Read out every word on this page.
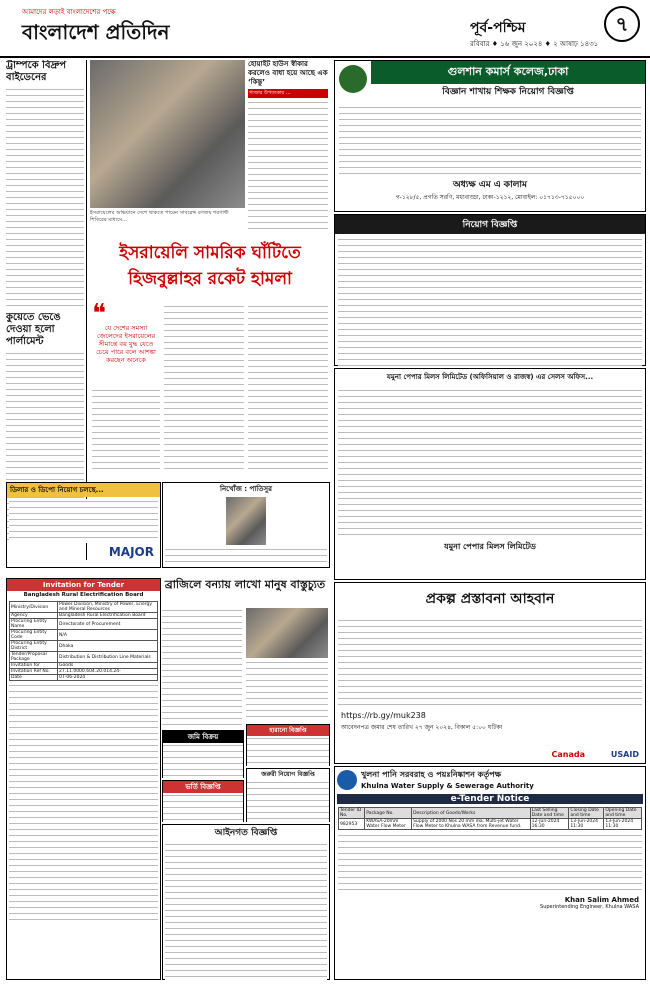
আমাদের লড়াই বাংলাদেশের পক্ষে
বাংলাদেশ প্রতিদিন	পূর্ব-পশ্চিম	৭
রবিবার ♦ ১৬ জুন ২০২৪ ♦ ২ আষাঢ় ১৪৩১
ট্রাম্পকে বিদ্রুপ বাইডেনের
কুয়েতে ভেঙে দেওয়া হলো পার্লামেন্ট
হোয়াইট হাউস স্বীকার করলেও বাধা হয়ে আছে এক ‘কিন্তু’
গাজার উপত্যকার ...
ইসরায়েলের অভিযানে দেশে থাকতে পারেন সাবরেদ্দ রণজয় শরণার্থী শিবিরের মাধ্যমে...
ইসরায়েলি সামরিক ঘাঁটিতে হিজবুল্লাহর রকেট হামলা
❝
যে দেশের সমস্যা জেলেদের ইসরায়েলের সীমান্তে বয় যুদ্ধ যেতে চেয়ে পারে বলে আশঙ্কা করছেন অনেকে
ডিলার ও ডিপো নিয়োগ চলছে...
MAJOR
নিখোঁজ : পাতিসুর
ব্রাজিলে বন্যায় লাখো মানুষ বাস্তুচ্যুত
Invitation for Tender
Bangladesh Rural Electrification Board
Ministry/Division	Power Division, Ministry of Power, Energy and Mineral Resources
Agency	Bangladesh Rural Electrification Board
Procuring Entity Name	Directorate of Procurement
Procuring Entity Code	N/A
Procuring Entity District	Dhaka
Tender/Proposal Package	Distribution & Distribution Line Materials
Invitation for	Goods
Invitation Ref No.	27.11.0000.604.20.014.24-
Date	07-06-2024
জমি বিক্রয়
ভর্তি বিজ্ঞপ্তি
হারানো বিজ্ঞপ্তি
জরুরী নিয়োগ বিজ্ঞপ্তি
আইনগত বিজ্ঞপ্তি
গুলশান কমার্স কলেজ,ঢাকা
বিজ্ঞান শাখায় শিক্ষক নিয়োগ বিজ্ঞপ্তি
অধ্যক্ষ এম এ কালাম
গ-১২৮/৫, প্রগতি সরণি, মধ্যবাড্ডা, ঢাকা-১২১২, মোবাইল: ০১৭১৩-৭১৫০০০
নিয়োগ বিজ্ঞপ্তি
যমুনা পেপার মিলস লিমিটেড (অফিসিয়াল ও রাজস্ব) এর সেলস অফিস...
যমুনা পেপার মিলস লিমিটেড
প্রকল্প প্রস্তাবনা আহবান
https://rb.gy/muk238
আবেদনপত্র জমার শেষ তারিখ ২৭ জুন ২০২৪, বিকাল ৫:০০ ঘটিকা
Canada	USAID
খুলনা পানি সরবরাহ ও পয়ঃনিষ্কাশন কর্তৃপক্ষ
Khulna Water Supply & Sewerage Authority
e-Tender Notice
Tender ID No.	Package No.	Description of Goods/Works	Last Selling Date and time	Closing Date and time	Opening Date and time
982953	KWASA-20mm Water Flow Meter	Supply of 2000 Nos 20 mm dia. Multi-jet Water Flow Meter to Khulna WASA from Revenue fund.	12-Jun-2024 16:30	13-Jun-2024 11:30	13-Jun-2024 11:30
Khan Salim Ahmed
Superintending Engineer, Khulna WASA
